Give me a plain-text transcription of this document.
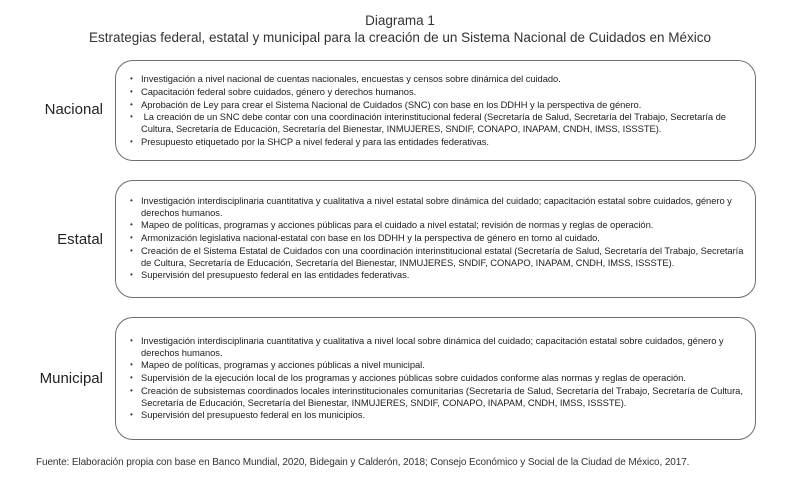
Diagrama 1
Estrategias federal, estatal y municipal para la creación de un Sistema Nacional de Cuidados en México
Nacional
• Investigación a nivel nacional de cuentas nacionales, encuestas y censos sobre dinámica del cuidado.
• Capacitación federal sobre cuidados, género y derechos humanos.
• Aprobación de Ley para crear el Sistema Nacional de Cuidados (SNC) con base en los DDHH y la perspectiva de género.
•  La creación de un SNC debe contar con una coordinación interinstitucional federal (Secretaría de Salud, Secretaría del Trabajo, Secretaría de Cultura, Secretaría de Educación, Secretaría del Bienestar, INMUJERES, SNDIF, CONAPO, INAPAM, CNDH, IMSS, ISSSTE).
• Presupuesto etiquetado por la SHCP a nivel federal y para las entidades federativas.
Estatal
• Investigación interdisciplinaria cuantitativa y cualitativa a nivel estatal sobre dinámica del cuidado; capacitación estatal sobre cuidados, género y derechos humanos.
• Mapeo de políticas, programas y acciones públicas para el cuidado a nivel estatal; revisión de normas y reglas de operación.
• Armonización legislativa nacional-estatal con base en los DDHH y la perspectiva de género en torno al cuidado.
• Creación de el Sistema Estatal de Cuidados con una coordinación interinstitucional estatal (Secretaría de Salud, Secretaría del Trabajo, Secretaría de Cultura, Secretaría de Educación, Secretaría del Bienestar, INMUJERES, SNDIF, CONAPO, INAPAM, CNDH, IMSS, ISSSTE).
• Supervisión del presupuesto federal en las entidades federativas.
Municipal
• Investigación interdisciplinaria cuantitativa y cualitativa a nivel local sobre dinámica del cuidado; capacitación estatal sobre cuidados, género y derechos humanos.
• Mapeo de políticas, programas y acciones públicas a nivel municipal.
• Supervisión de la ejecución local de los programas y acciones públicas sobre cuidados conforme alas normas y reglas de operación.
• Creación de subsistemas coordinados locales interinstitucionales comunitarias (Secretaría de Salud, Secretaría del Trabajo, Secretaría de Cultura, Secretaría de Educación, Secretaría del Bienestar, INMUJERES, SNDIF, CONAPO, INAPAM, CNDH, IMSS, ISSSTE).
• Supervisión del presupuesto federal en los municipios.
Fuente: Elaboración propia con base en Banco Mundial, 2020, Bidegain y Calderón, 2018; Consejo Económico y Social de la Ciudad de México, 2017.
